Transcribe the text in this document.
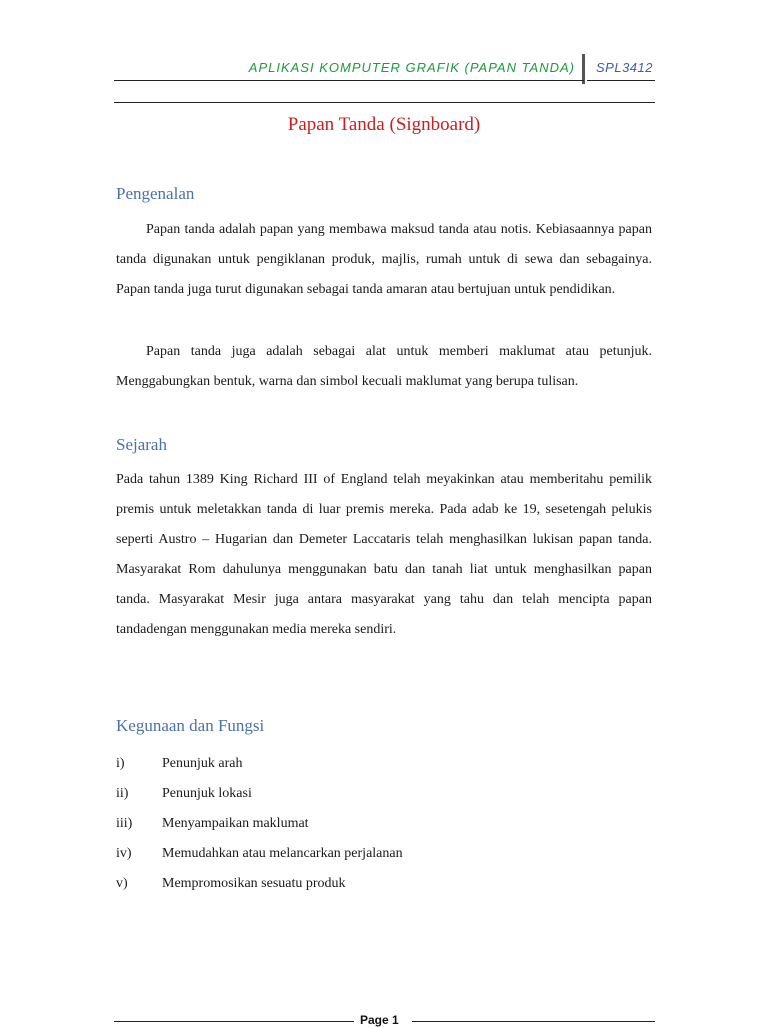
APLIKASI KOMPUTER GRAFIK (PAPAN TANDA) SPL3412
Papan Tanda (Signboard)
Pengenalan
Papan tanda adalah papan yang membawa maksud tanda atau notis. Kebiasaannya papan tanda digunakan untuk pengiklanan produk, majlis, rumah untuk di sewa dan sebagainya. Papan tanda juga turut digunakan sebagai tanda amaran atau bertujuan untuk pendidikan.
Papan tanda juga adalah sebagai alat untuk memberi maklumat atau petunjuk. Menggabungkan bentuk, warna dan simbol kecuali maklumat yang berupa tulisan.
Sejarah
Pada tahun 1389 King Richard III of England telah meyakinkan atau memberitahu pemilik premis untuk meletakkan tanda di luar premis mereka. Pada adab ke 19, sesetengah pelukis seperti Austro – Hugarian dan Demeter Laccataris telah menghasilkan lukisan papan tanda. Masyarakat Rom dahulunya menggunakan batu dan tanah liat untuk menghasilkan papan tanda. Masyarakat Mesir juga antara masyarakat yang tahu dan telah mencipta papan tandadengan menggunakan media mereka sendiri.
Kegunaan dan Fungsi
i)	Penunjuk arah
ii) Penunjuk lokasi
iii) Menyampaikan maklumat
iv) Memudahkan atau melancarkan perjalanan
v) Mempromosikan sesuatu produk
Page 1
